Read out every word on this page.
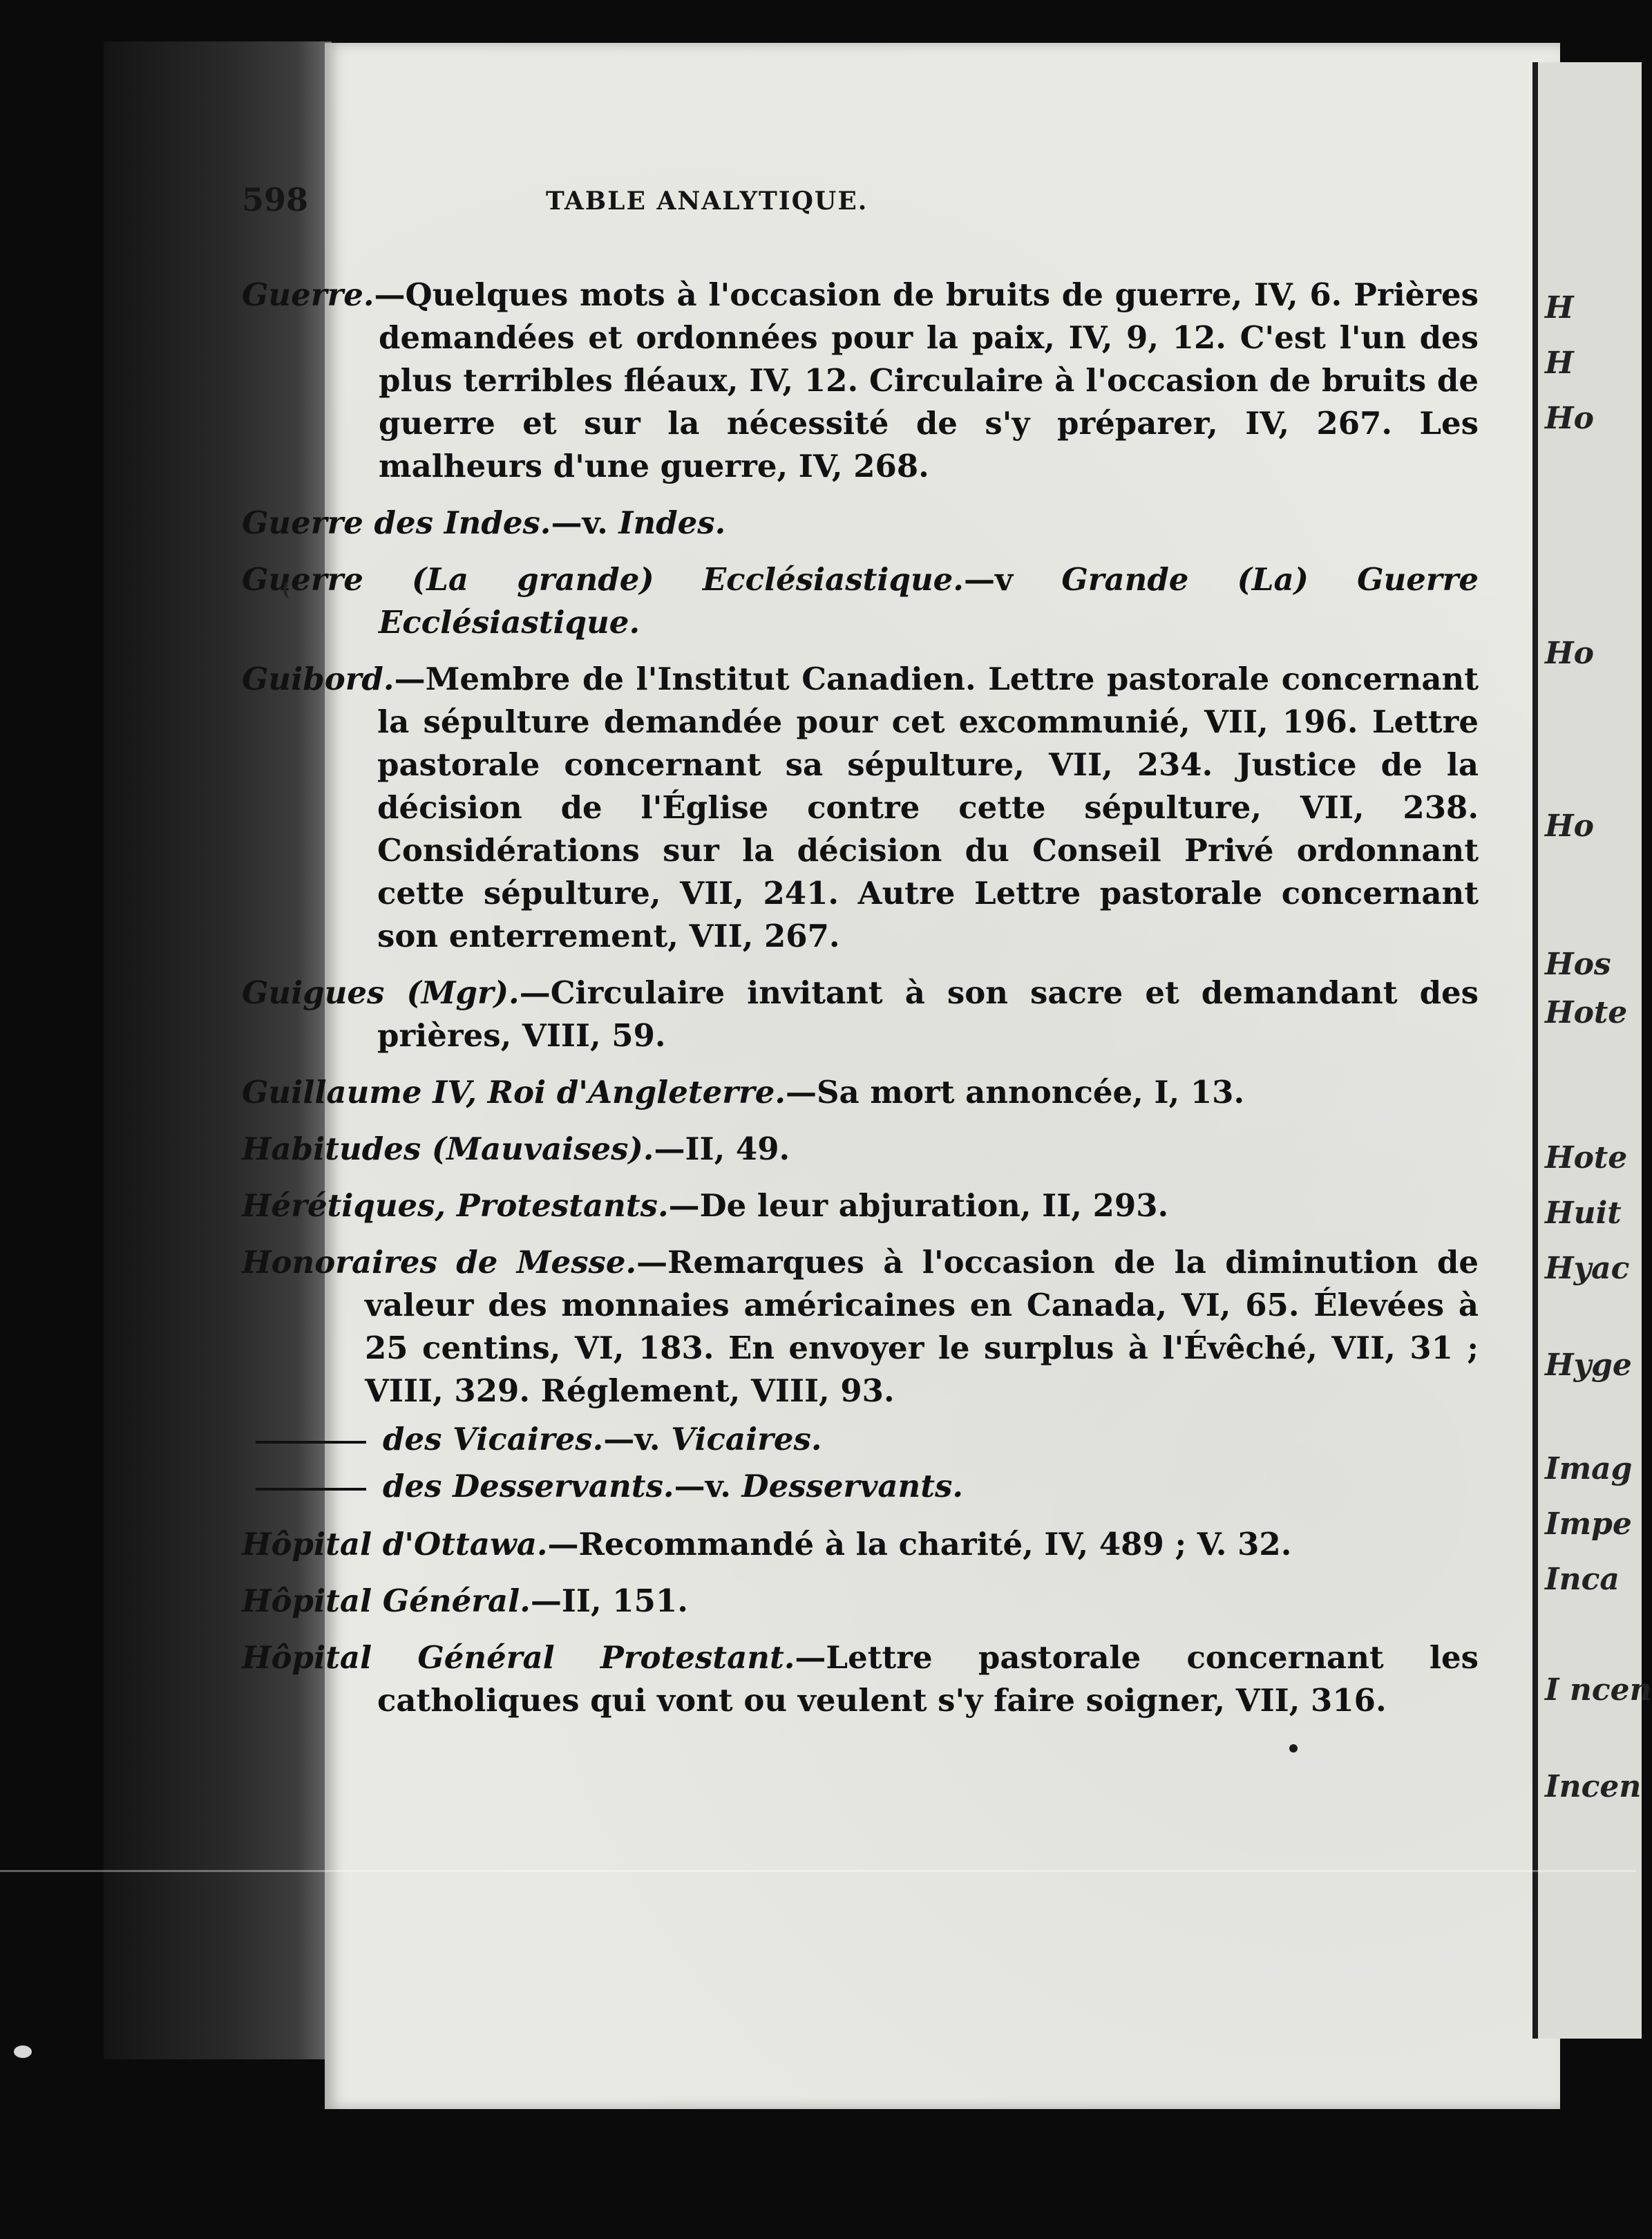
H
H
Ho
Ho
Ho
Hos
Hote
Hote
Huit
Hyac
Hyge
Imag
Impe
Inca
I ncen
Incen
598	TABLE ANALYTIQUE.
Guerre.—Quelques mots à l'occasion de bruits de guerre, IV, 6. Prières demandées et ordonnées pour la paix, IV, 9, 12. C'est l'un des plus terribles fléaux, IV, 12. Circulaire à l'occasion de bruits de guerre et sur la nécessité de s'y préparer, IV, 267. Les malheurs d'une guerre, IV, 268.
Guerre des Indes.—v. Indes.
Guerre (La grande) Ecclésiastique.—v Grande (La) Guerre Ecclésiastique.
Guibord.—Membre de l'Institut Canadien. Lettre pastorale concernant la sépulture demandée pour cet excommunié, VII, 196. Lettre pastorale concernant sa sépulture, VII, 234. Justice de la décision de l'Église contre cette sépulture, VII, 238. Considérations sur la décision du Conseil Privé ordonnant cette sépulture, VII, 241. Autre Lettre pastorale concernant son enterrement, VII, 267.
Guigues (Mgr).—Circulaire invitant à son sacre et demandant des prières, VIII, 59.
Guillaume IV, Roi d'Angleterre.—Sa mort annoncée, I, 13.
Habitudes (Mauvaises).—II, 49.
Hérétiques, Protestants.—De leur abjuration, II, 293.
Honoraires de Messe.—Remarques à l'occasion de la diminution de valeur des monnaies américaines en Canada, VI, 65. Élevées à 25 centins, VI, 183. En envoyer le surplus à l'Évêché, VII, 31 ; VIII, 329. Réglement, VIII, 93.
des Vicaires.—v. Vicaires.
des Desservants.—v. Desservants.
Hôpital d'Ottawa.—Recommandé à la charité, IV, 489 ; V. 32.
Hôpital Général.—II, 151.
Hôpital Général Protestant.—Lettre pastorale concernant les catholiques qui vont ou veulent s'y faire soigner, VII, 316.
